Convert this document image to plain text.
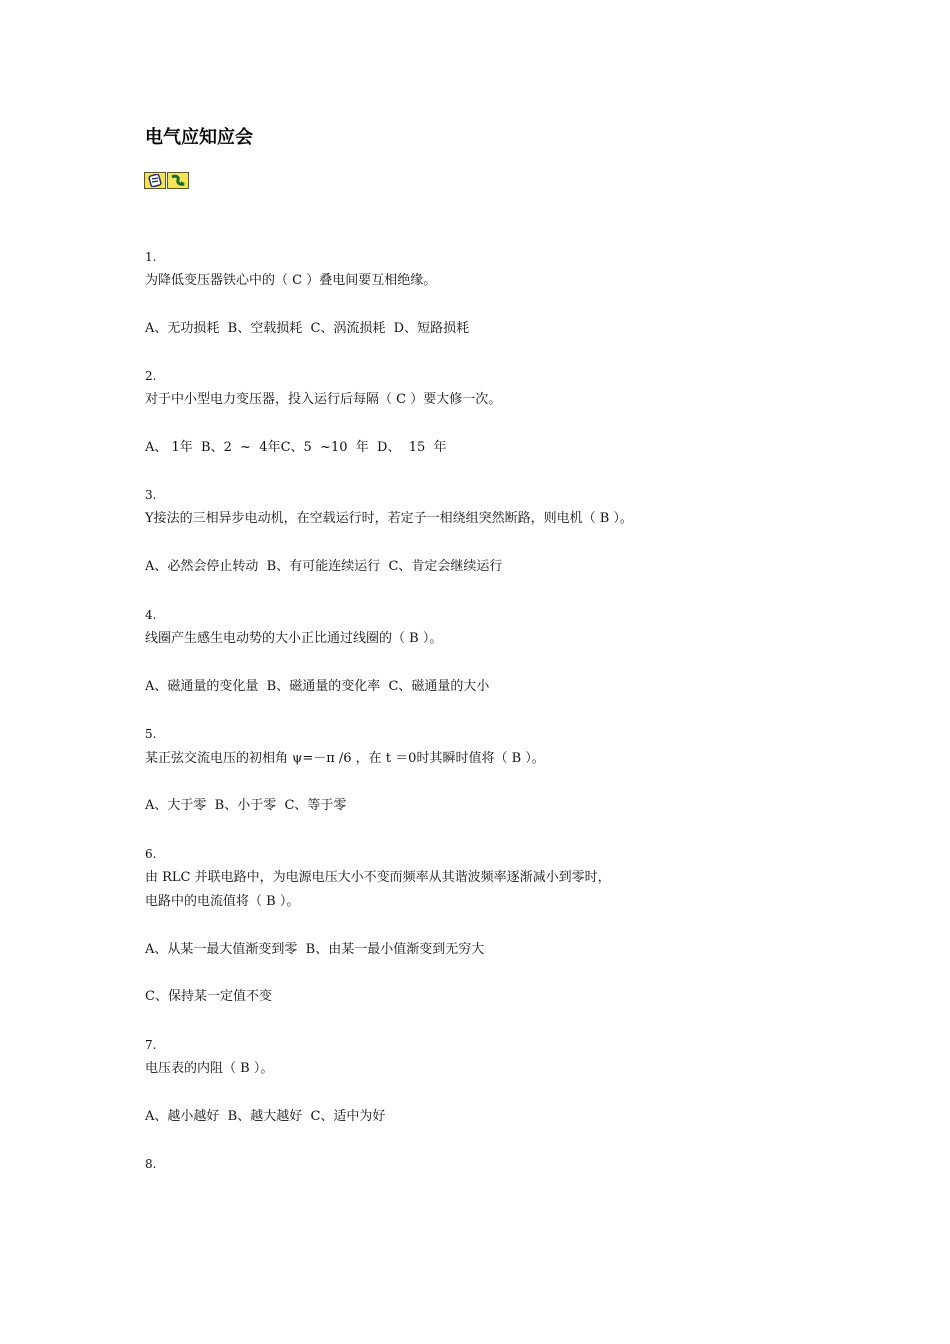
电气应知应会
1.
为降低变压器铁心中的（ C ）叠电间要互相绝缘。
A、无功损耗  B、空载损耗  C、涡流损耗  D、短路损耗
2.
对于中小型电力变压器，投入运行后每隔（ C ）要大修一次。
A、 1年  B、2  ~  4年C、5  ~10  年  D、  15  年
3.
Y接法的三相异步电动机，在空载运行时，若定子一相绕组突然断路，则电机（ B ）。
A、必然会停止转动  B、有可能连续运行  C、肯定会继续运行
4.
线圈产生感生电动势的大小正比通过线圈的（ B ）。
A、磁通量的变化量  B、磁通量的变化率  C、磁通量的大小
5.
某正弦交流电压的初相角 ψ=－π /6 ，在 t ＝0时其瞬时值将（ B ）。
A、大于零  B、小于零  C、等于零
6.
由 RLC 并联电路中，为电源电压大小不变而频率从其谐波频率逐渐减小到零时，
电路中的电流值将（ B ）。
A、从某一最大值渐变到零  B、由某一最小值渐变到无穷大
C、保持某一定值不变
7.
电压表的内阻（ B ）。
A、越小越好  B、越大越好  C、适中为好
8.
